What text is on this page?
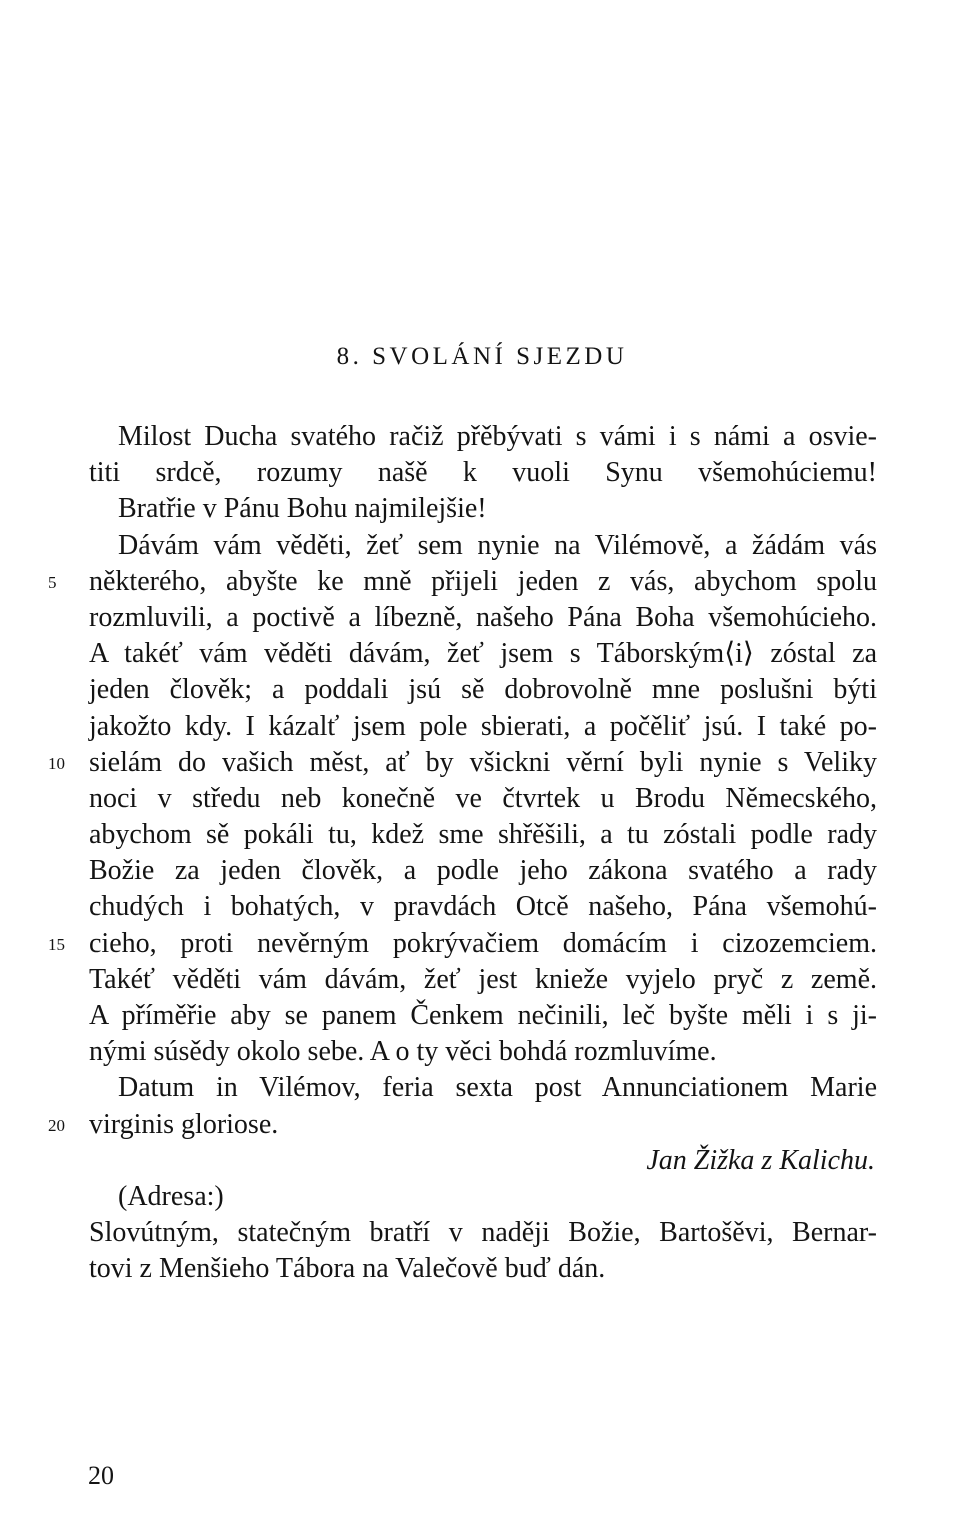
8. SVOLÁNÍ SJEZDU
Milost Ducha svatého račiž přěbývati s vámi i s námi a osvie-
titi srdcě, rozumy našě k vuoli Synu všemohúciemu!
Bratřie v Pánu Bohu najmilejšie!
Dávám vám věděti, žeť sem nynie na Vilémově, a žádám vás
5	některého, abyšte ke mně přijeli jeden z vás, abychom spolu
rozmluvili, a poctivě a líbezně, našeho Pána Boha všemohúcieho.
A takéť vám věděti dávám, žeť jsem s Táborským⟨i⟩ zóstal za
jeden člověk; a poddali jsú sě dobrovolně mne poslušni býti
jakožto kdy. I kázalť jsem pole sbierati, a počěliť jsú. I také po-
10 sielám do vašich měst, ať by všickni věrní byli nynie s Veliky
noci v středu neb konečně ve čtvrtek u Brodu Němecského,
abychom sě pokáli tu, kdež sme shřěšili, a tu zóstali podle rady
Božie za jeden člověk, a podle jeho zákona svatého a rady
chudých i bohatých, v pravdách Otcě našeho, Pána všemohú-
15 cieho, proti nevěrným pokrývačiem domácím i cizozemciem.
Takéť věděti vám dávám, žeť jest knieže vyjelo pryč z země.
A příměřie aby se panem Čenkem nečinili, leč byšte měli i s ji-
nými súsědy okolo sebe. A o ty věci bohdá rozmluvíme.
Datum in Vilémov, feria sexta post Annunciationem Marie
20 virginis gloriose.
Jan Žižka z Kalichu.
(Adresa:)
Slovútným, statečným bratří v naději Božie, Bartošěvi, Bernar-
tovi z Menšieho Tábora na Valečově buď dán.
20
